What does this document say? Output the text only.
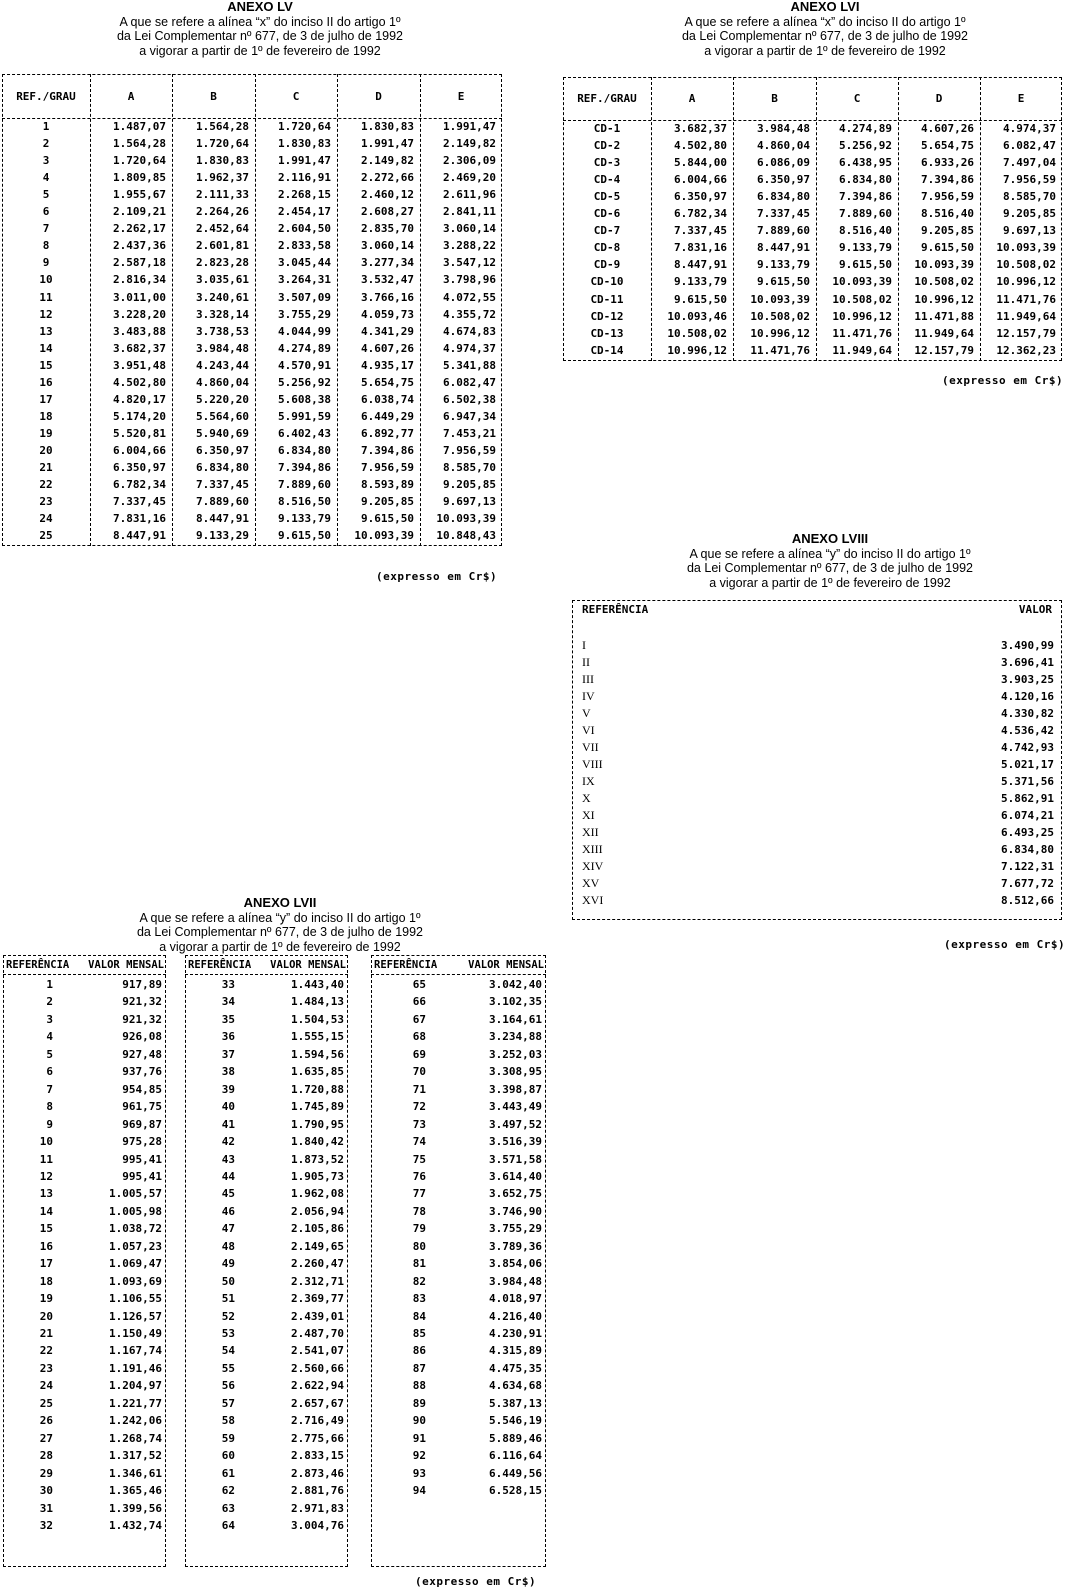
ANEXO LV
A que se refere a alínea “x” do inciso II do artigo 1º
da Lei Complementar nº 677, de 3 de julho de 1992
a vigorar a partir de 1º de fevereiro de 1992
REF./GRAU	A	B	C	D	E
1	1.487,07	1.564,28	1.720,64	1.830,83	1.991,47
2	1.564,28	1.720,64	1.830,83	1.991,47	2.149,82
3	1.720,64	1.830,83	1.991,47	2.149,82	2.306,09
4	1.809,85	1.962,37	2.116,91	2.272,66	2.469,20
5	1.955,67	2.111,33	2.268,15	2.460,12	2.611,96
6	2.109,21	2.264,26	2.454,17	2.608,27	2.841,11
7	2.262,17	2.452,64	2.604,50	2.835,70	3.060,14
8	2.437,36	2.601,81	2.833,58	3.060,14	3.288,22
9	2.587,18	2.823,28	3.045,44	3.277,34	3.547,12
10	2.816,34	3.035,61	3.264,31	3.532,47	3.798,96
11	3.011,00	3.240,61	3.507,09	3.766,16	4.072,55
12	3.228,20	3.328,14	3.755,29	4.059,73	4.355,72
13	3.483,88	3.738,53	4.044,99	4.341,29	4.674,83
14	3.682,37	3.984,48	4.274,89	4.607,26	4.974,37
15	3.951,48	4.243,44	4.570,91	4.935,17	5.341,88
16	4.502,80	4.860,04	5.256,92	5.654,75	6.082,47
17	4.820,17	5.220,20	5.608,38	6.038,74	6.502,38
18	5.174,20	5.564,60	5.991,59	6.449,29	6.947,34
19	5.520,81	5.940,69	6.402,43	6.892,77	7.453,21
20	6.004,66	6.350,97	6.834,80	7.394,86	7.956,59
21	6.350,97	6.834,80	7.394,86	7.956,59	8.585,70
22	6.782,34	7.337,45	7.889,60	8.593,89	9.205,85
23	7.337,45	7.889,60	8.516,50	9.205,85	9.697,13
24	7.831,16	8.447,91	9.133,79	9.615,50	10.093,39
25	8.447,91	9.133,29	9.615,50	10.093,39	10.848,43
(expresso em Cr$)
ANEXO LVI
A que se refere a alínea “x” do inciso II do artigo 1º
da Lei Complementar nº 677, de 3 de julho de 1992
a vigorar a partir de 1º de fevereiro de 1992
REF./GRAU	A	B	C	D	E
CD-1	3.682,37	3.984,48	4.274,89	4.607,26	4.974,37
CD-2	4.502,80	4.860,04	5.256,92	5.654,75	6.082,47
CD-3	5.844,00	6.086,09	6.438,95	6.933,26	7.497,04
CD-4	6.004,66	6.350,97	6.834,80	7.394,86	7.956,59
CD-5	6.350,97	6.834,80	7.394,86	7.956,59	8.585,70
CD-6	6.782,34	7.337,45	7.889,60	8.516,40	9.205,85
CD-7	7.337,45	7.889,60	8.516,40	9.205,85	9.697,13
CD-8	7.831,16	8.447,91	9.133,79	9.615,50	10.093,39
CD-9	8.447,91	9.133,79	9.615,50	10.093,39	10.508,02
CD-10	9.133,79	9.615,50	10.093,39	10.508,02	10.996,12
CD-11	9.615,50	10.093,39	10.508,02	10.996,12	11.471,76
CD-12	10.093,46	10.508,02	10.996,12	11.471,88	11.949,64
CD-13	10.508,02	10.996,12	11.471,76	11.949,64	12.157,79
CD-14	10.996,12	11.471,76	11.949,64	12.157,79	12.362,23
(expresso em Cr$)
ANEXO LVIII
A que se refere a alínea “y” do inciso II do artigo 1º
da Lei Complementar nº 677, de 3 de julho de 1992
a vigorar a partir de 1º de fevereiro de 1992
REFERÊNCIA	VALOR
I	3.490,99
II	3.696,41
III	3.903,25
IV	4.120,16
V	4.330,82
VI	4.536,42
VII	4.742,93
VIII	5.021,17
IX	5.371,56
X	5.862,91
XI	6.074,21
XII	6.493,25
XIII	6.834,80
XIV	7.122,31
XV	7.677,72
XVI	8.512,66
(expresso em Cr$)
ANEXO LVII
A que se refere a alínea “y” do inciso II do artigo 1º
da Lei Complementar nº 677, de 3 de julho de 1992
a vigorar a partir de 1º de fevereiro de 1992
REFERÊNCIA	VALOR MENSAL
1	917,89
2	921,32
3	921,32
4	926,08
5	927,48
6	937,76
7	954,85
8	961,75
9	969,87
10	975,28
11	995,41
12	995,41
13	1.005,57
14	1.005,98
15	1.038,72
16	1.057,23
17	1.069,47
18	1.093,69
19	1.106,55
20	1.126,57
21	1.150,49
22	1.167,74
23	1.191,46
24	1.204,97
25	1.221,77
26	1.242,06
27	1.268,74
28	1.317,52
29	1.346,61
30	1.365,46
31	1.399,56
32	1.432,74
REFERÊNCIA	VALOR MENSAL
33	1.443,40
34	1.484,13
35	1.504,53
36	1.555,15
37	1.594,56
38	1.635,85
39	1.720,88
40	1.745,89
41	1.790,95
42	1.840,42
43	1.873,52
44	1.905,73
45	1.962,08
46	2.056,94
47	2.105,86
48	2.149,65
49	2.260,47
50	2.312,71
51	2.369,77
52	2.439,01
53	2.487,70
54	2.541,07
55	2.560,66
56	2.622,94
57	2.657,67
58	2.716,49
59	2.775,66
60	2.833,15
61	2.873,46
62	2.881,76
63	2.971,83
64	3.004,76
REFERÊNCIA	VALOR MENSAL
65	3.042,40
66	3.102,35
67	3.164,61
68	3.234,88
69	3.252,03
70	3.308,95
71	3.398,87
72	3.443,49
73	3.497,52
74	3.516,39
75	3.571,58
76	3.614,40
77	3.652,75
78	3.746,90
79	3.755,29
80	3.789,36
81	3.854,06
82	3.984,48
83	4.018,97
84	4.216,40
85	4.230,91
86	4.315,89
87	4.475,35
88	4.634,68
89	5.387,13
90	5.546,19
91	5.889,46
92	6.116,64
93	6.449,56
94	6.528,15
(expresso em Cr$)
